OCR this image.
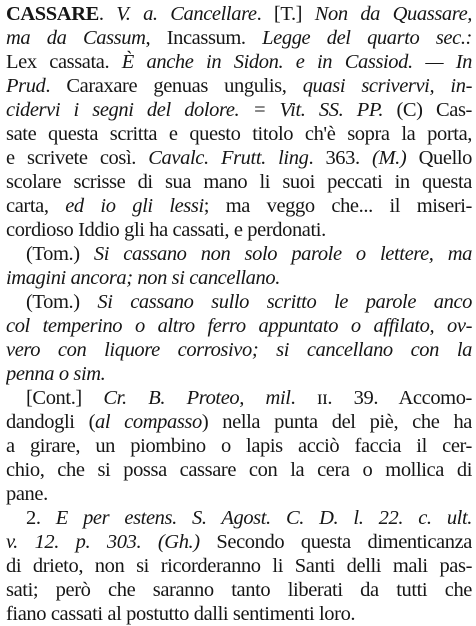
CASSARE. V. a. Cancellare. [T.] Non da Quassare,
ma da Cassum, Incassum. Legge del quarto sec.:
Lex cassata. È anche in Sidon. e in Cassiod. — In
Prud. Caraxare genuas ungulis, quasi scrivervi, in-
cidervi i segni del dolore. = Vit. SS. PP. (C) Cas-
sate questa scritta e questo titolo ch'è sopra la porta,
e scrivete così. Cavalc. Frutt. ling. 363. (M.) Quello
scolare scrisse di sua mano li suoi peccati in questa
carta, ed io gli lessi; ma veggo che... il miseri-
cordioso Iddio gli ha cassati, e perdonati.
(Tom.) Si cassano non solo parole o lettere, ma
imagini ancora; non si cancellano.
(Tom.) Si cassano sullo scritto le parole anco
col temperino o altro ferro appuntato o affilato, ov-
vero con liquore corrosivo; si cancellano con la
penna o sim.
[Cont.] Cr. B. Proteo, mil. ɪɪ. 39. Accomo-
dandogli (al compasso) nella punta del piè, che ha
a girare, un piombino o lapis acciò faccia il cer-
chio, che si possa cassare con la cera o mollica di
pane.
2. E per estens. S. Agost. C. D. l. 22. c. ult.
v. 12. p. 303. (Gh.) Secondo questa dimenticanza
di drieto, non si ricorderanno li Santi delli mali pas-
sati; però che saranno tanto liberati da tutti che
fiano cassati al postutto dalli sentimenti loro.
